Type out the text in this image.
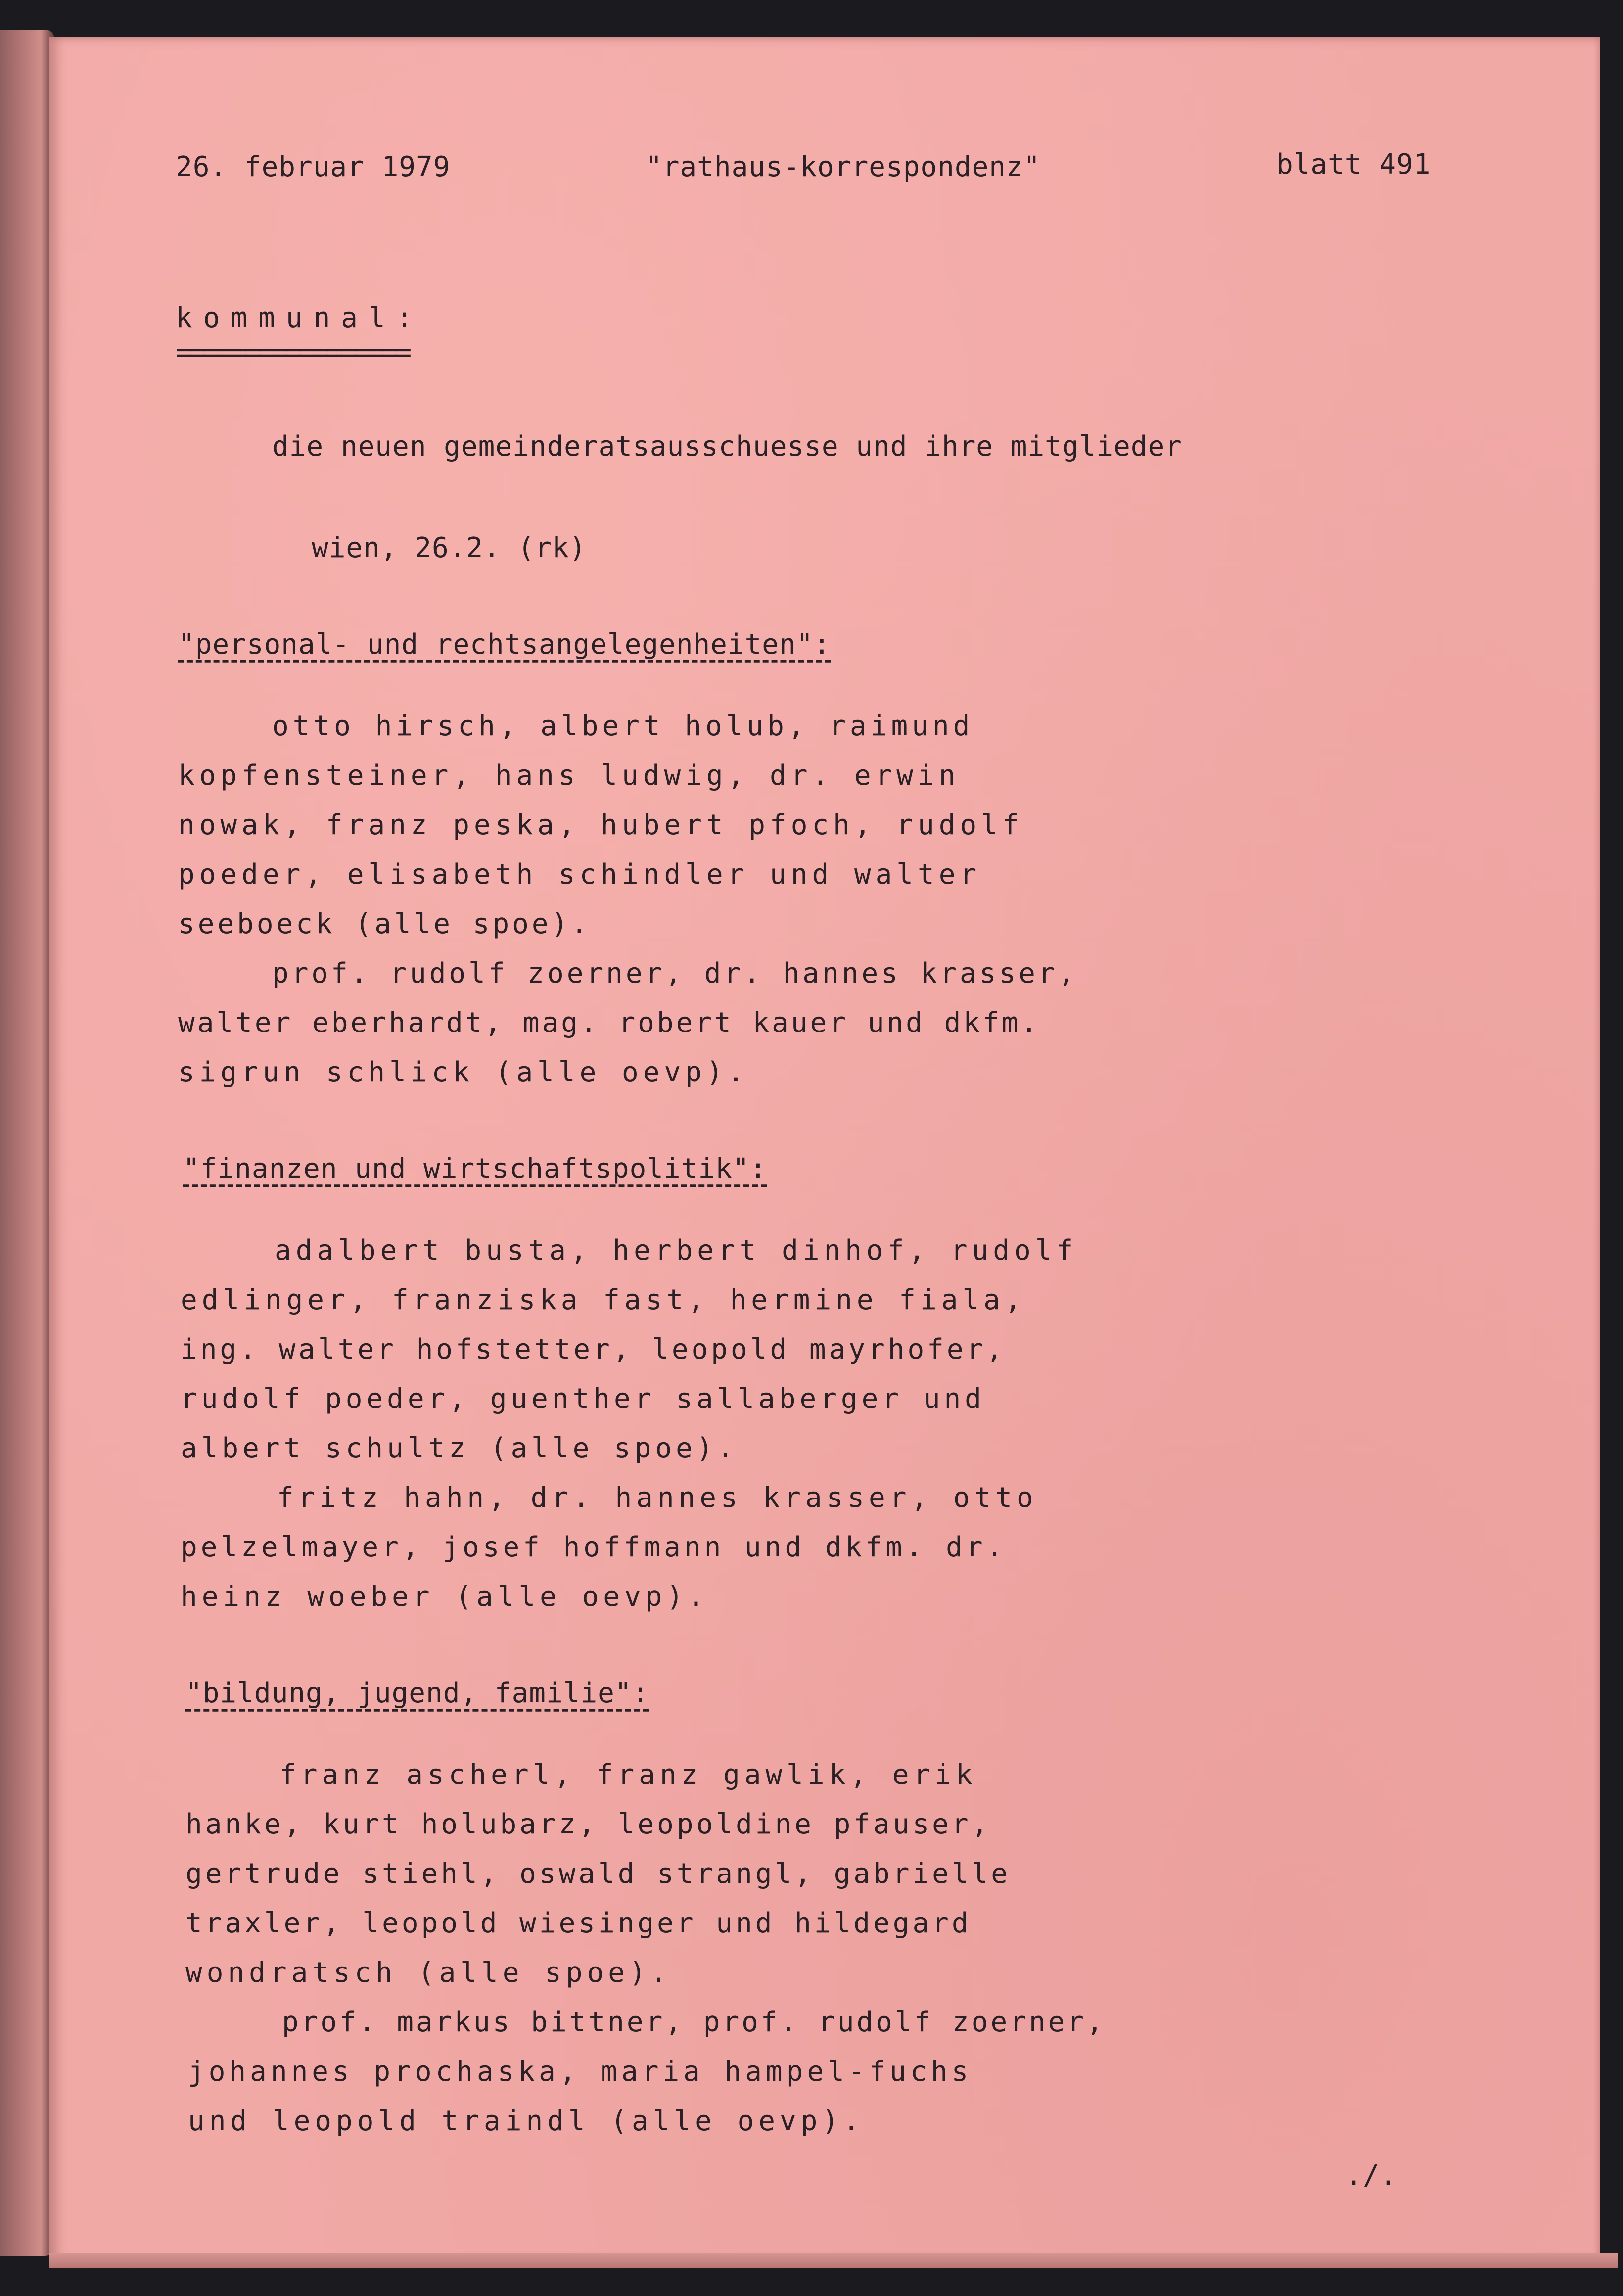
26. februar 1979	"rathaus-korrespondenz"	blatt 491
kommunal:
=================
die neuen gemeinderatsausschuesse und ihre mitglieder
wien, 26.2. (rk)
"personal- und rechtsangelegenheiten":
otto hirsch, albert holub, raimund
kopfensteiner, hans ludwig, dr. erwin
nowak, franz peska, hubert pfoch, rudolf
poeder, elisabeth schindler und walter
seeboeck (alle spoe).
prof. rudolf zoerner, dr. hannes krasser,
walter eberhardt, mag. robert kauer und dkfm.
sigrun schlick (alle oevp).
"finanzen und wirtschaftspolitik":
adalbert busta, herbert dinhof, rudolf
edlinger, franziska fast, hermine fiala,
ing. walter hofstetter, leopold mayrhofer,
rudolf poeder, guenther sallaberger und
albert schultz (alle spoe).
fritz hahn, dr. hannes krasser, otto
pelzelmayer, josef hoffmann und dkfm. dr.
heinz woeber (alle oevp).
"bildung, jugend, familie":
franz ascherl, franz gawlik, erik
hanke, kurt holubarz, leopoldine pfauser,
gertrude stiehl, oswald strangl, gabrielle
traxler, leopold wiesinger und hildegard
wondratsch (alle spoe).
prof. markus bittner, prof. rudolf zoerner,
johannes prochaska, maria hampel-fuchs
und leopold traindl (alle oevp).
./.
